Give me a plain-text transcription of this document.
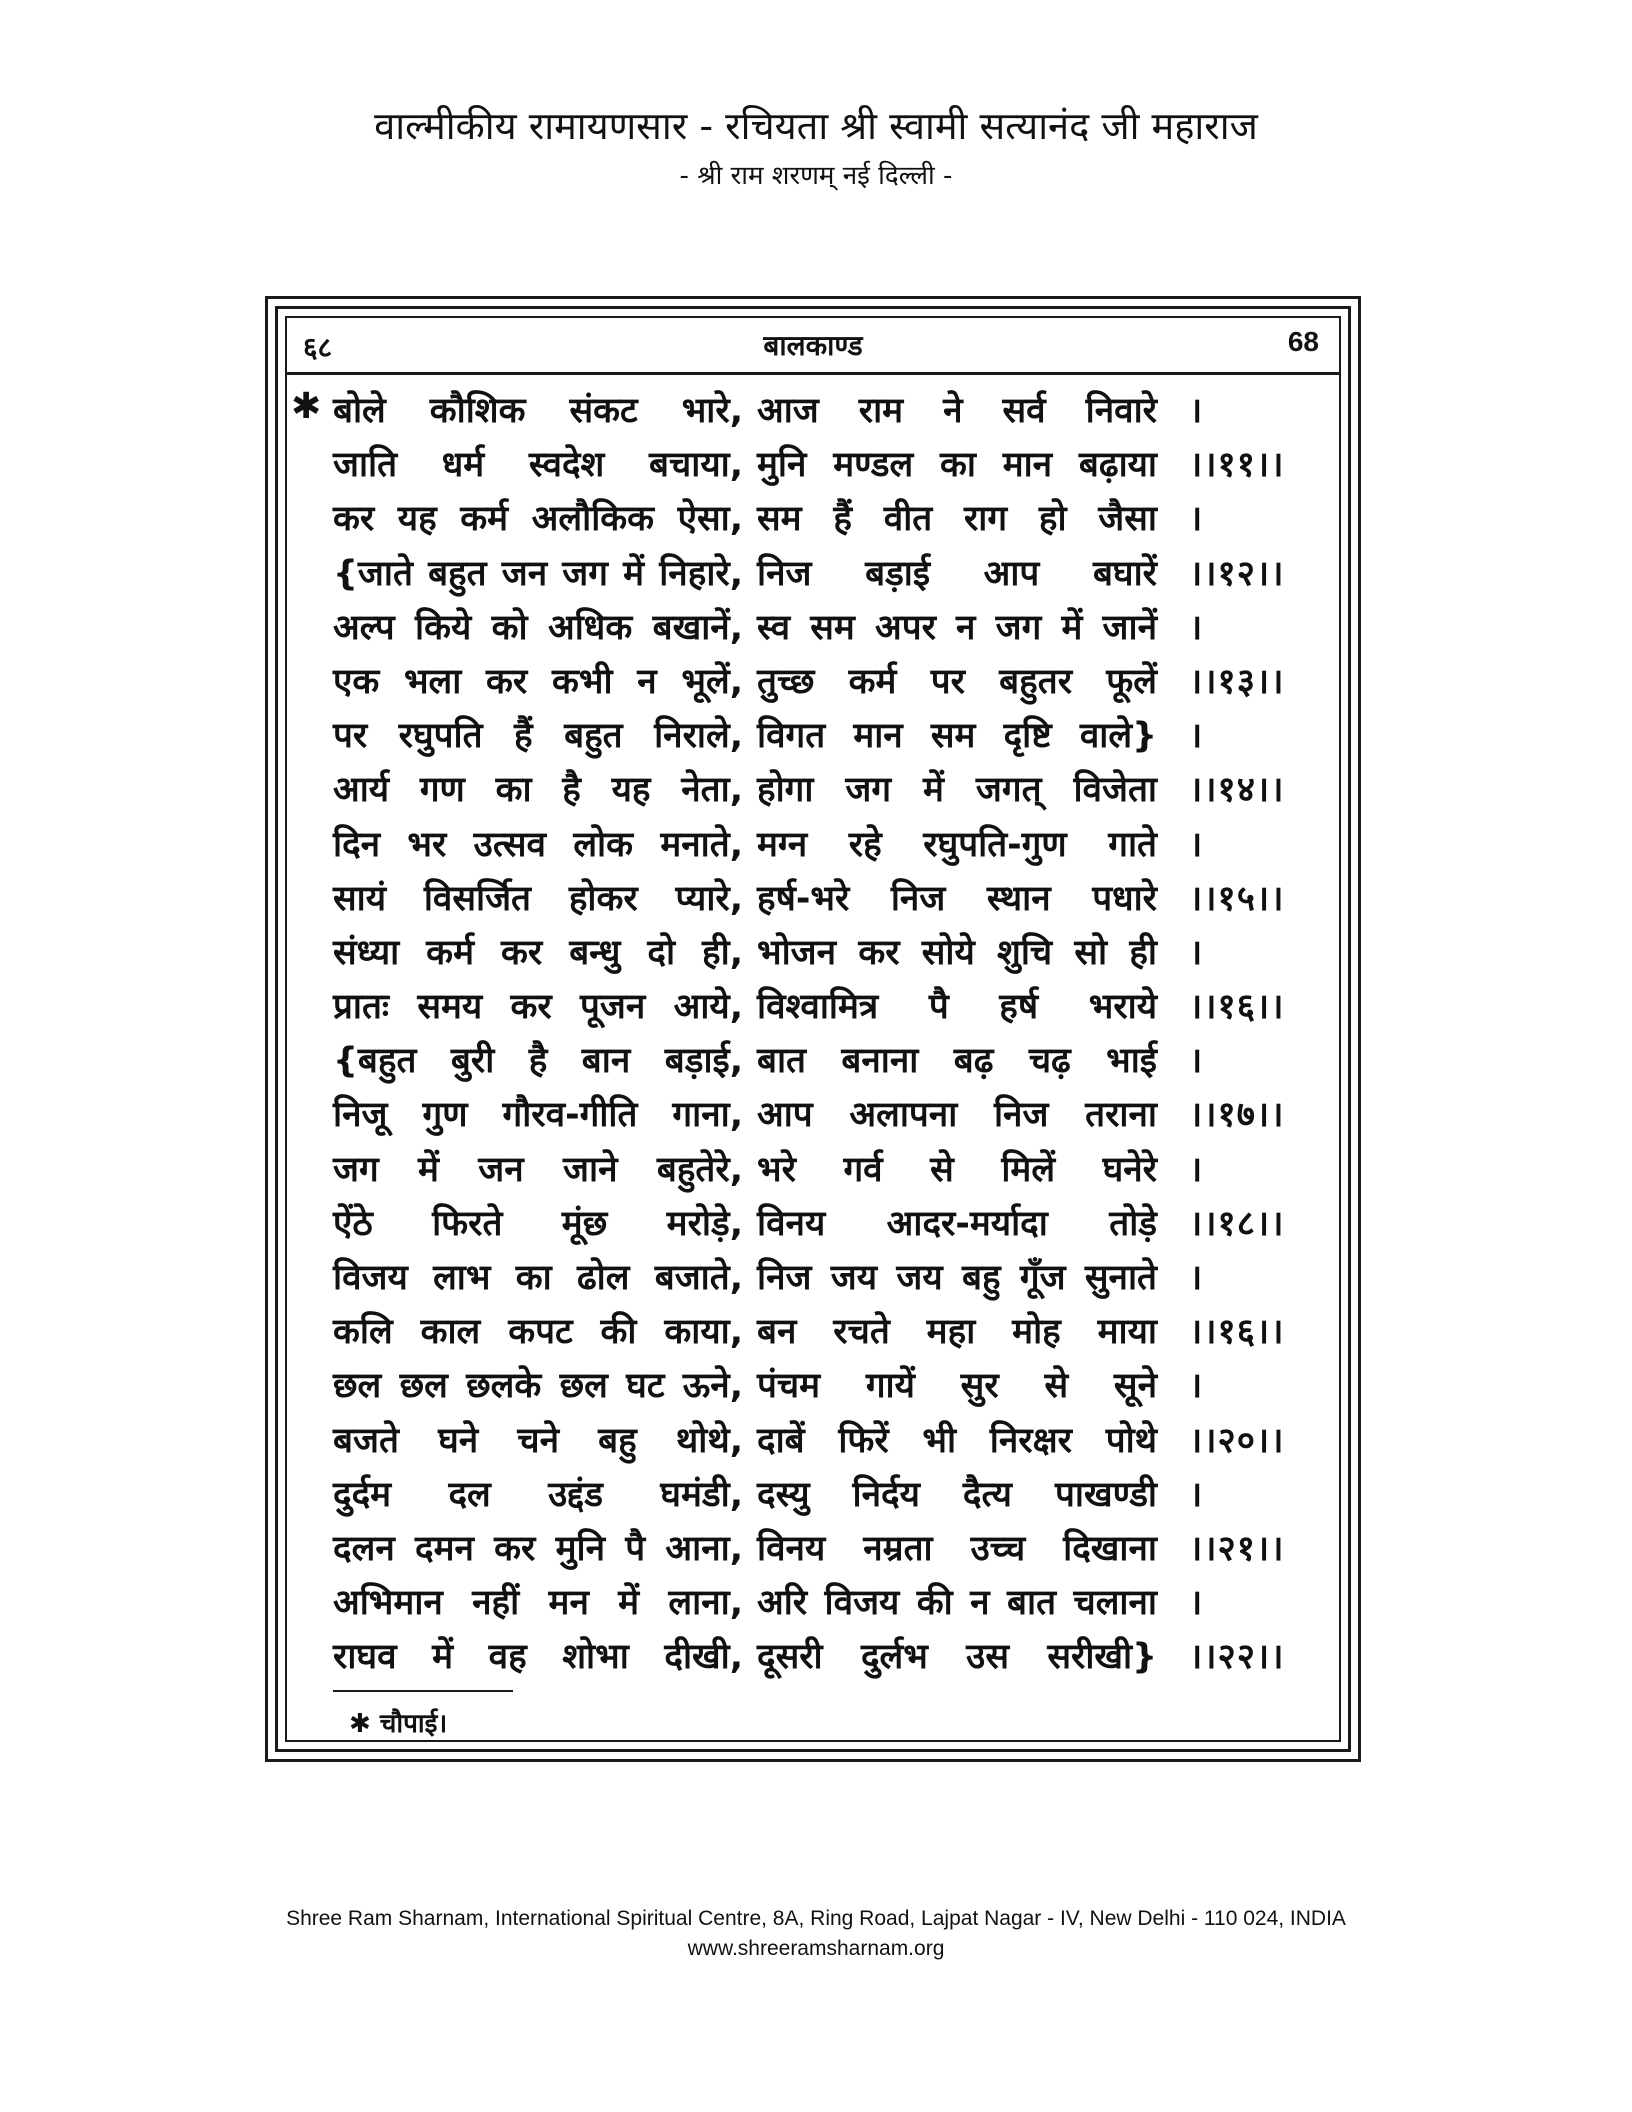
वाल्मीकीय रामायणसार - रचियता श्री स्वामी सत्यानंद जी महाराज
- श्री राम शरणम् नई दिल्ली -
६८	बालकाण्ड	68
✱ बोले कौशिक संकट भारे, आज राम ने सर्व निवारे ।
जाति धर्म स्वदेश बचाया, मुनि मण्डल का मान बढ़ाया ।।११।।
कर यह कर्म अलौकिक ऐसा, सम हैं वीत राग हो जैसा ।
{जाते बहुत जन जग में निहारे, निज बड़ाई आप बघारें ।।१२।।
अल्प किये को अधिक बखानें, स्व सम अपर न जग में जानें ।
एक भला कर कभी न भूलें, तुच्छ कर्म पर बहुतर फूलें ।।१३।।
पर रघुपति हैं बहुत निराले, विगत मान सम दृष्टि वाले} ।
आर्य गण का है यह नेता, होगा जग में जगत् विजेता ।।१४।।
दिन भर उत्सव लोक मनाते, मग्न रहे रघुपति-गुण गाते ।
सायं विसर्जित होकर प्यारे, हर्ष-भरे निज स्थान पधारे ।।१५।।
संध्या कर्म कर बन्धु दो ही, भोजन कर सोये शुचि सो ही ।
प्रातः समय कर पूजन आये, विश्वामित्र पै हर्ष भराये ।।१६।।
{बहुत बुरी है बान बड़ाई, बात बनाना बढ़ चढ़ भाई ।
निजू गुण गौरव-गीति गाना, आप अलापना निज तराना ।।१७।।
जग में जन जाने बहुतेरे, भरे गर्व से मिलें घनेरे ।
ऐंठे फिरते मूंछ मरोड़े, विनय आदर-मर्यादा तोड़े ।।१८।।
विजय लाभ का ढोल बजाते, निज जय जय बहु गूँज सुनाते ।
कलि काल कपट की काया, बन रचते महा मोह माया ।।१६।।
छल छल छलके छल घट ऊने, पंचम गायें सुर से सूने ।
बजते घने चने बहु थोथे, दाबें फिरें भी निरक्षर पोथे ।।२०।।
दुर्दम दल उद्दंड घमंडी, दस्यु निर्दय दैत्य पाखण्डी ।
दलन दमन कर मुनि पै आना, विनय नम्रता उच्च दिखाना ।।२१।।
अभिमान नहीं मन में लाना, अरि विजय की न बात चलाना ।
राघव में वह शोभा दीखी, दूसरी दुर्लभ उस सरीखी} ।।२२।।
✱ चौपाई।
Shree Ram Sharnam, International Spiritual Centre, 8A, Ring Road, Lajpat Nagar - IV, New Delhi - 110 024, INDIA
www.shreeramsharnam.org
